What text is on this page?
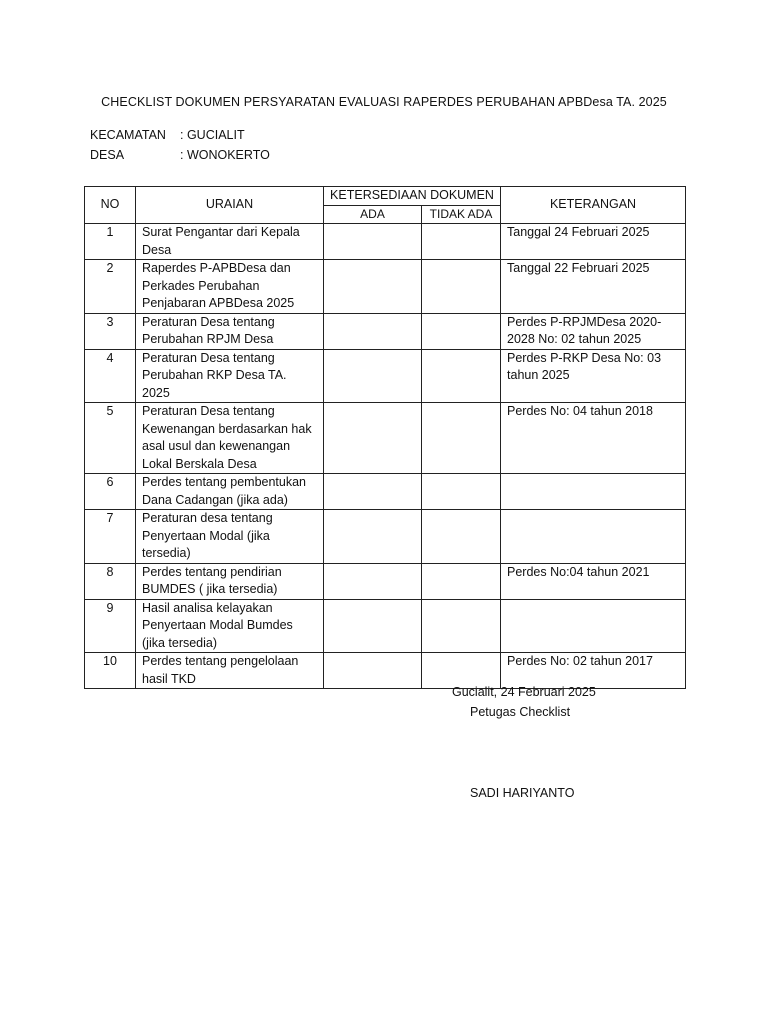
CHECKLIST DOKUMEN PERSYARATAN EVALUASI RAPERDES PERUBAHAN APBDesa TA. 2025
KECAMATAN : GUCIALIT
DESA	: WONOKERTO
NO	URAIAN	KETERSEDIAAN DOKUMEN		KETERANGAN
		ADA	TIDAK ADA	
1	Surat Pengantar dari Kepala Desa			Tanggal 24 Februari 2025
2	Raperdes P-APBDesa dan Perkades Perubahan Penjabaran APBDesa 2025			Tanggal 22 Februari 2025
3	Peraturan Desa tentang Perubahan RPJM Desa			Perdes P-RPJMDesa 2020-2028 No: 02 tahun 2025
4	Peraturan Desa tentang Perubahan RKP Desa TA. 2025			Perdes P-RKP Desa No: 03 tahun 2025
5	Peraturan Desa tentang Kewenangan berdasarkan hak asal usul dan kewenangan Lokal Berskala Desa			Perdes No: 04 tahun 2018
6	Perdes tentang pembentukan Dana Cadangan (jika ada)			
7	Peraturan desa tentang Penyertaan Modal (jika tersedia)			
8	Perdes tentang pendirian BUMDES ( jika tersedia)			Perdes No:04 tahun 2021
9	Hasil analisa kelayakan Penyertaan Modal Bumdes (jika tersedia)			
10	Perdes tentang pengelolaan hasil TKD			Perdes No: 02 tahun 2017
Gucialit, 24 Februari 2025
Petugas Checklist
SADI HARIYANTO
